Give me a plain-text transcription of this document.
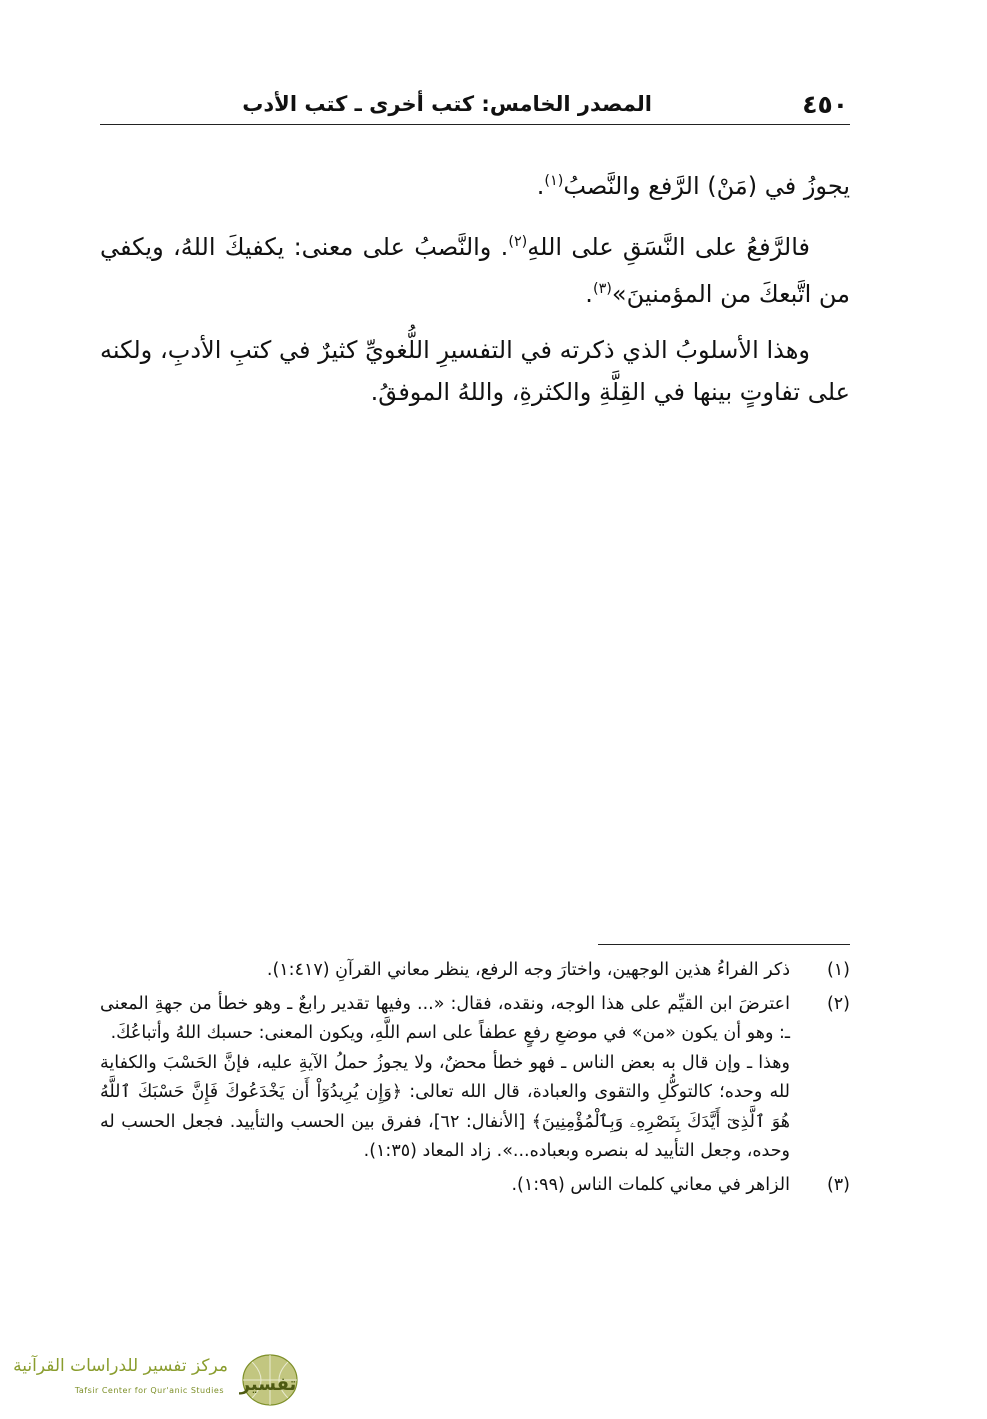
٤٥٠
المصدر الخامس: كتب أخرى ـ كتب الأدب

يجوزُ في (مَنْ) الرَّفع والنَّصبُ$^{(١)}$.

فالرَّفعُ على النَّسَقِ على اللهِ$^{(٢)}$. والنَّصبُ على معنى: يكفيكَ اللهُ، ويكفي من اتَّبعكَ من المؤمنينَ»$^{(٣)}$.

وهذا الأسلوبُ الذي ذكرته في التفسيرِ اللُّغويِّ كثيرٌ في كتبِ الأدبِ، ولكنه على تفاوتٍ بينها في القِلَّةِ والكثرةِ، واللهُ الموفقُ.

(١)

ذكر الفراءُ هذين الوجهين، واختارَ وجه الرفع، ينظر معاني القرآنِ (١:٤١٧).

(٢)

اعترضَ ابن القيِّم على هذا الوجه، ونقده، فقال: «... وفيها تقدير رابعٌ ـ وهو خطأ من جهةِ المعنى ـ: وهو أن يكون «من» في موضعِ رفعٍ عطفاً على اسم اللَّهِ، ويكون المعنى: حسبك اللهُ وأتباعُكَ.

وهذا ـ وإن قال به بعض الناس ـ فهو خطأ محضٌ، ولا يجوزُ حملُ الآيةِ عليه، فإنَّ الحَسْبَ والكفاية لله وحده؛ كالتوكُّلِ والتقوى والعبادة، قال الله تعالى: ﴿وَإِن يُرِيدُوٓاْ أَن يَخْدَعُوكَ فَإِنَّ حَسْبَكَ ٱللَّهُ هُوَ ٱلَّذِىٓ أَيَّدَكَ بِنَصْرِهِۦ وَبِٱلْمُؤْمِنِينَ﴾ [الأنفال: ٦٢]، ففرق بين الحسب والتأييد. فجعل الحسب له وحده، وجعل التأييد له بنصره وبعباده...». زاد المعاد (١:٣٥).

(٣)

الزاهر في معاني كلمات الناس (١:٩٩).

تفسير
مركز تفسير للدراسات القرآنية
Tafsir Center for Qur'anic Studies
